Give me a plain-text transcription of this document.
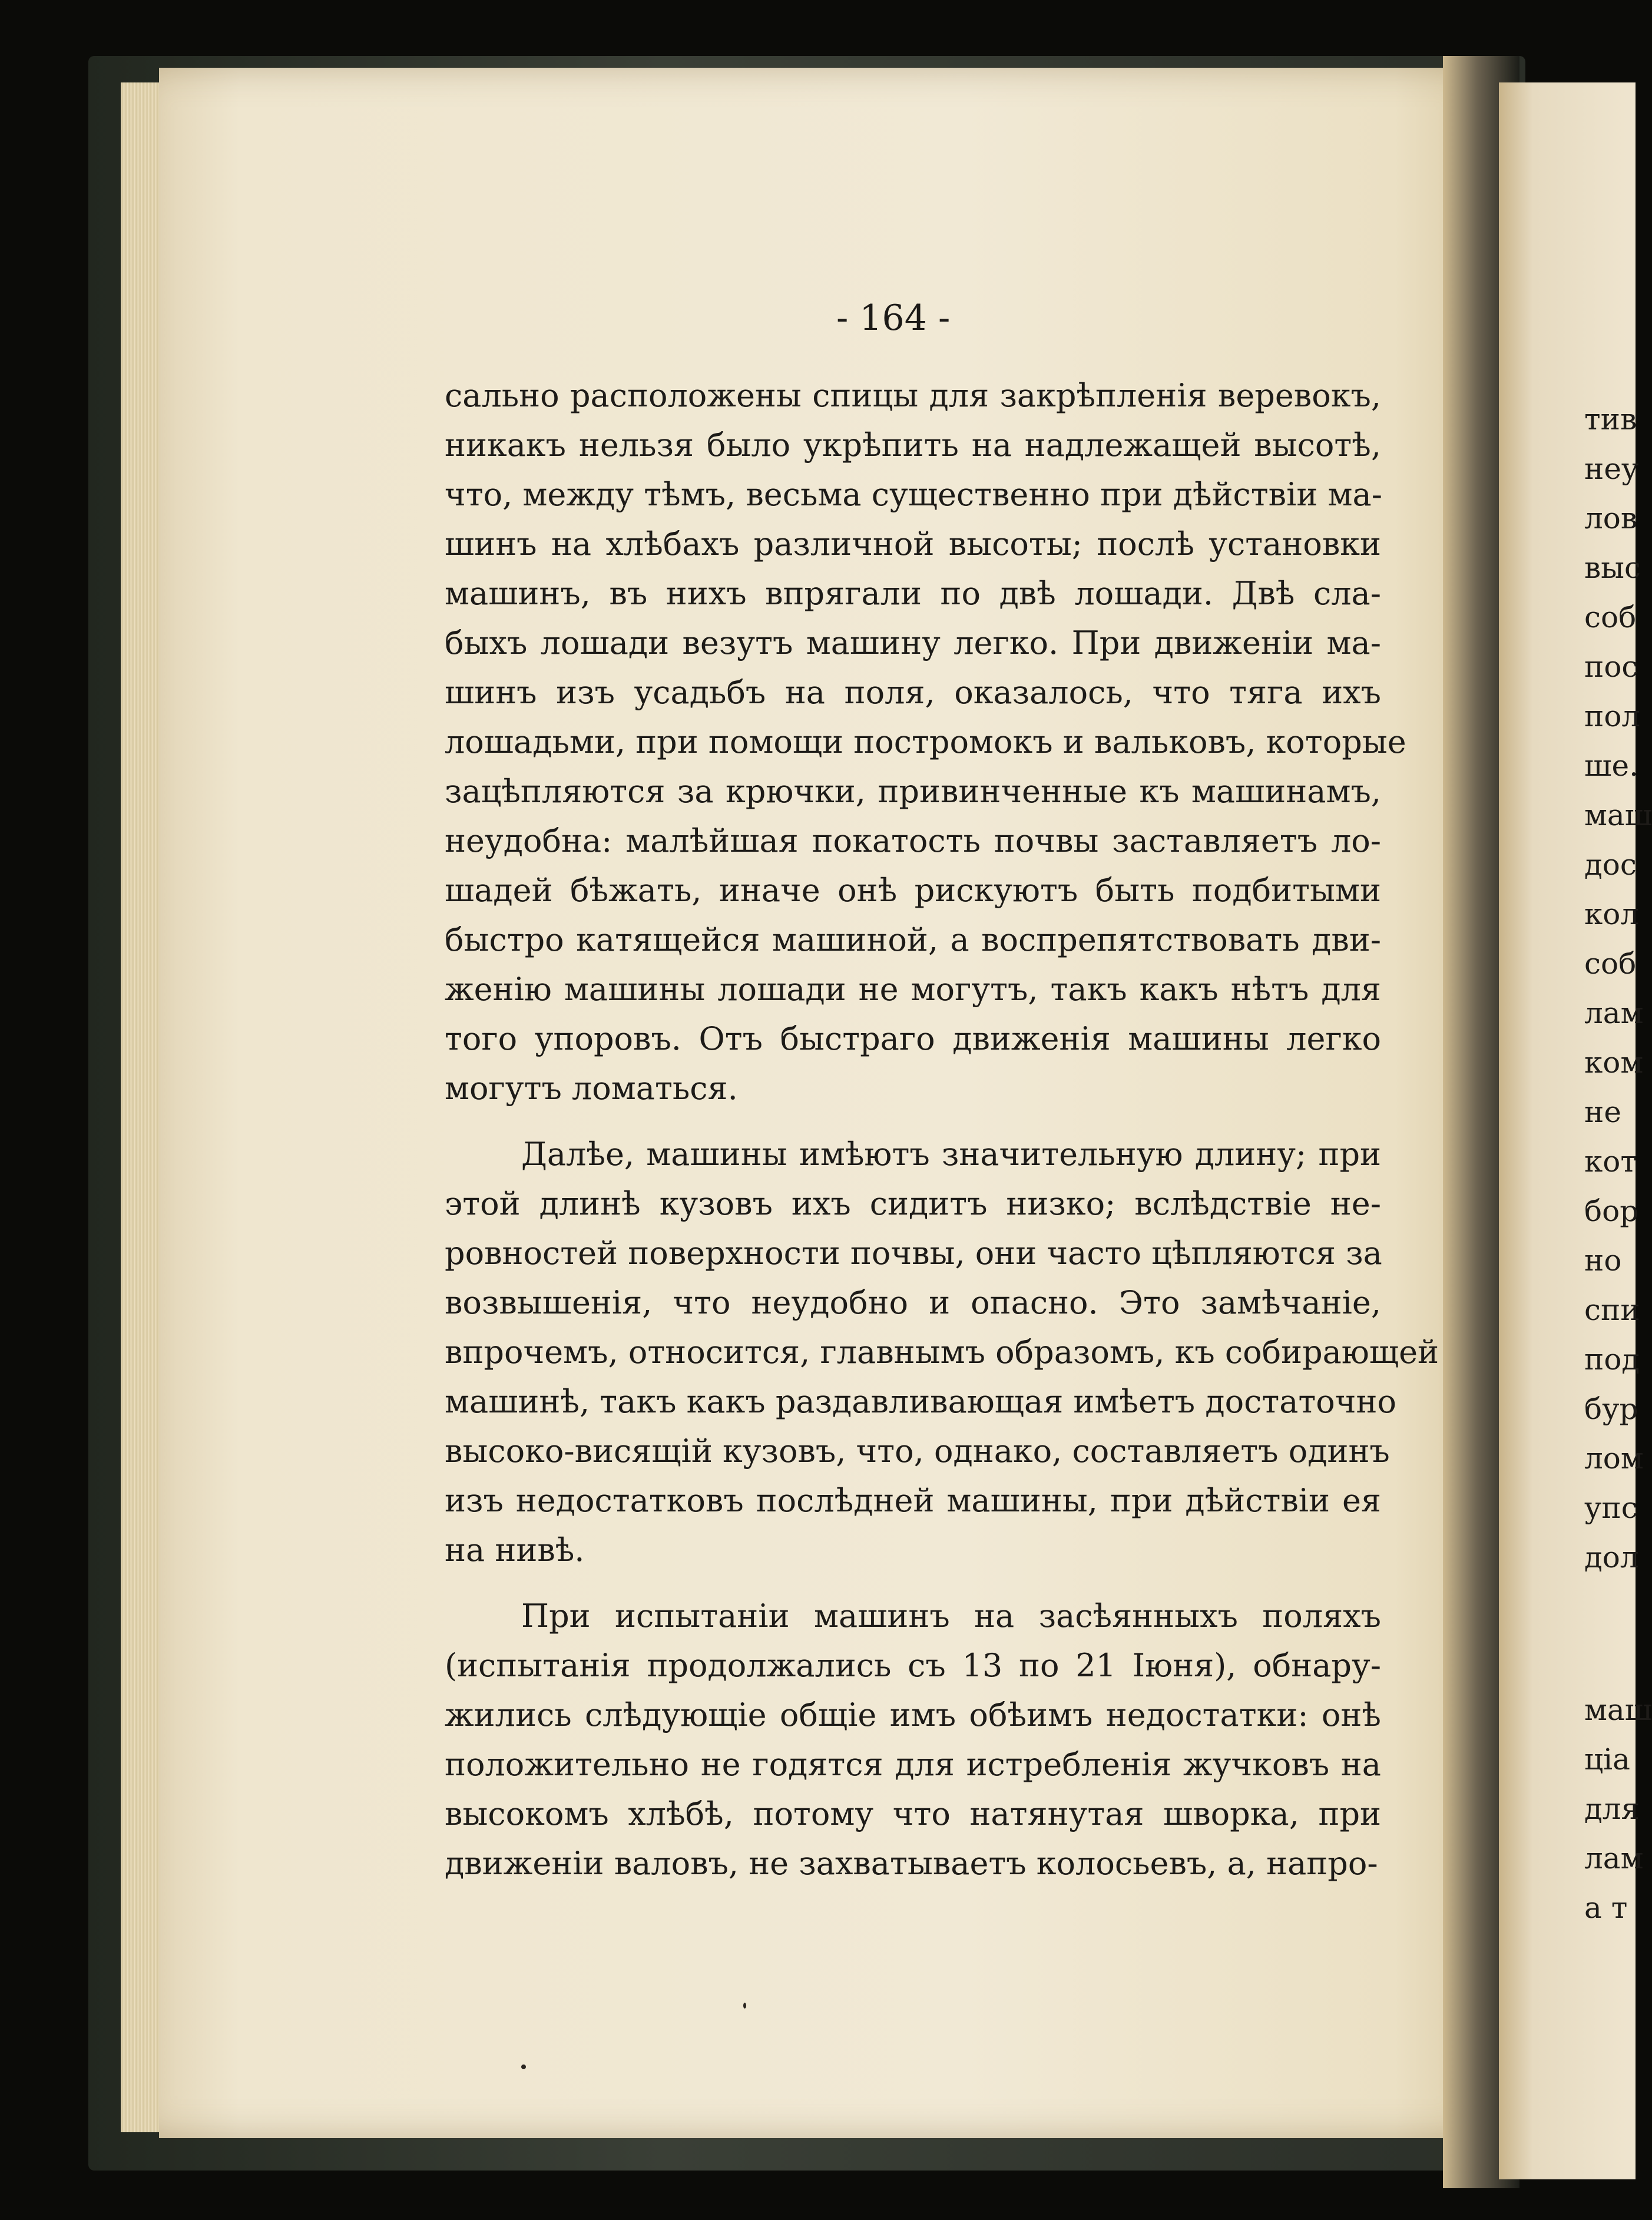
- 164 -
сально расположены спицы для закрѣпленія веревокъ,
никакъ нельзя было укрѣпить на надлежащей высотѣ,
что, между тѣмъ, весьма существенно при дѣйствіи ма-
шинъ на хлѣбахъ различной высоты; послѣ установки
машинъ, въ нихъ впрягали по двѣ лошади. Двѣ сла-
быхъ лошади везутъ машину легко. При движеніи ма-
шинъ изъ усадьбъ на поля, оказалось, что тяга ихъ
лошадьми, при помощи постромокъ и вальковъ, которые
зацѣпляются за крючки, привинченные къ машинамъ,
неудобна: малѣйшая покатость почвы заставляетъ ло-
шадей бѣжать, иначе онѣ рискуютъ быть подбитыми
быстро катящейся машиной, а воспрепятствовать дви-
женію машины лошади не могутъ, такъ какъ нѣтъ для
того упоровъ. Отъ быстраго движенія машины легко
могутъ ломаться.
Далѣе, машины имѣютъ значительную длину; при
этой длинѣ кузовъ ихъ сидитъ низко; вслѣдствіе не-
ровностей поверхности почвы, они часто цѣпляются за
возвышенія, что неудобно и опасно. Это замѣчаніе,
впрочемъ, относится, главнымъ образомъ, къ собирающей
машинѣ, такъ какъ раздавливающая имѣетъ достаточно
высоко-висящій кузовъ, что, однако, составляетъ одинъ
изъ недостатковъ послѣдней машины, при дѣйствіи ея
на нивѣ.
При испытаніи машинъ на засѣянныхъ поляхъ
(испытанія продолжались съ 13 по 21 Іюня), обнару-
жились слѣдующіе общіе имъ обѣимъ недостатки: онѣ
положительно не годятся для истребленія жучковъ на
высокомъ хлѣбѣ, потому что натянутая шворка, при
движеніи валовъ, не захватываетъ колосьевъ, а, напро-
тив
неу
лов
выс
соб
пос
пол
ше.
маш
дос
кол
соб
лам
ком
не
кот
бор
но
спи
под
бур
лом
упс
дол
маш
ціа
для
лам
а т
